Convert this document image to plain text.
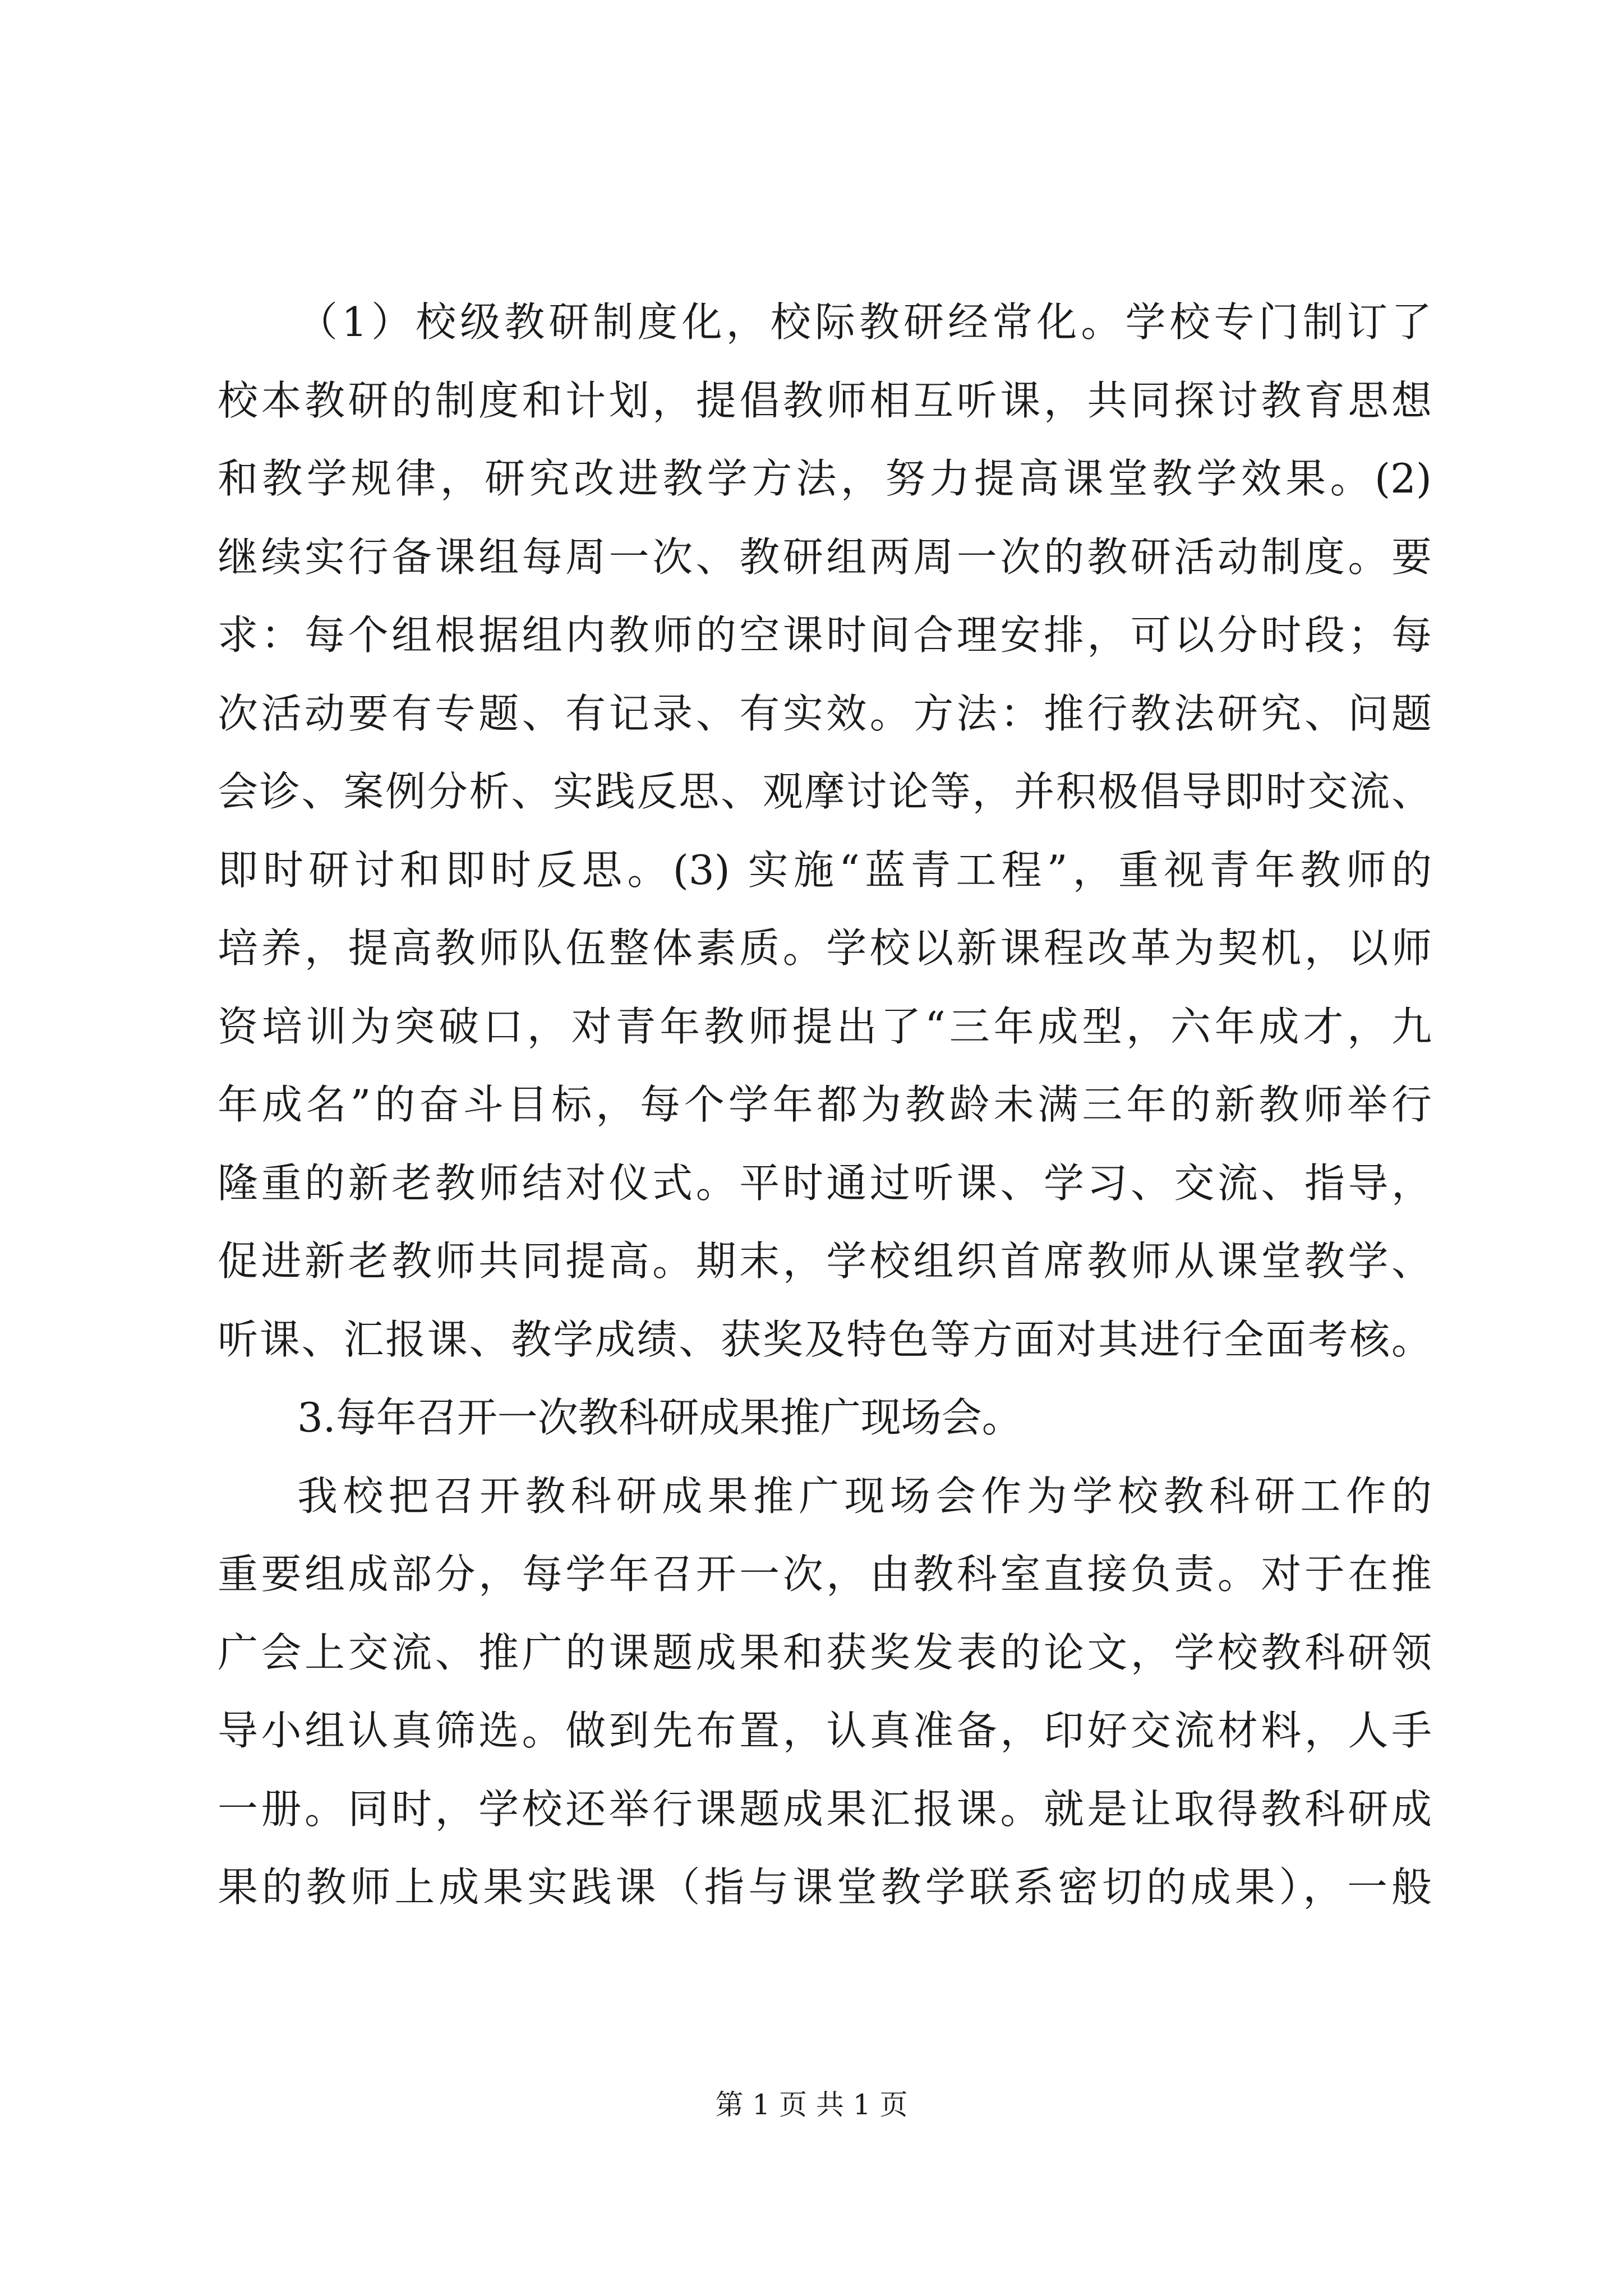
（1）校级教研制度化，校际教研经常化。学校专门制订了
校本教研的制度和计划，提倡教师相互听课，共同探讨教育思想
和教学规律，研究改进教学方法，努力提高课堂教学效果。(2)
继续实行备课组每周一次、教研组两周一次的教研活动制度。要
求：每个组根据组内教师的空课时间合理安排，可以分时段；每
次活动要有专题、有记录、有实效。方法：推行教法研究、问题
会诊、案例分析、实践反思、观摩讨论等，并积极倡导即时交流、
即时研讨和即时反思。(3) 实施“蓝青工程”，重视青年教师的
培养，提高教师队伍整体素质。学校以新课程改革为契机，以师
资培训为突破口，对青年教师提出了“三年成型，六年成才，九
年成名”的奋斗目标，每个学年都为教龄未满三年的新教师举行
隆重的新老教师结对仪式。平时通过听课、学习、交流、指导，
促进新老教师共同提高。期末，学校组织首席教师从课堂教学、
听课、汇报课、教学成绩、获奖及特色等方面对其进行全面考核。
3.每年召开一次教科研成果推广现场会。
我校把召开教科研成果推广现场会作为学校教科研工作的
重要组成部分，每学年召开一次，由教科室直接负责。对于在推
广会上交流、推广的课题成果和获奖发表的论文，学校教科研领
导小组认真筛选。做到先布置，认真准备，印好交流材料，人手
一册。同时，学校还举行课题成果汇报课。就是让取得教科研成
果的教师上成果实践课（指与课堂教学联系密切的成果），一般
第 1 页 共 1 页
